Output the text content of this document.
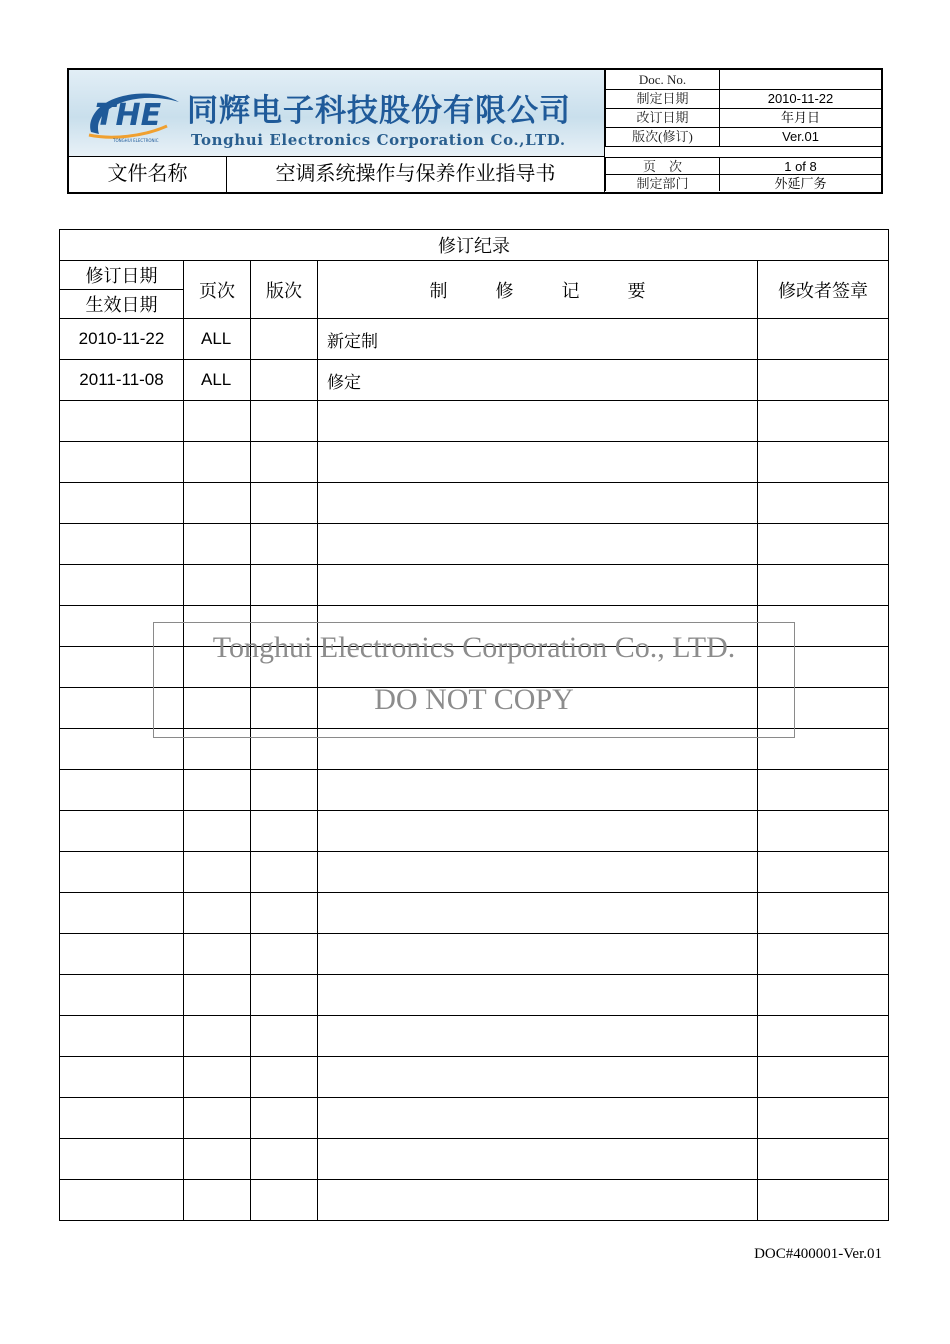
THE
TONGHUI ELECTRONIC
同辉电子科技股份有限公司
Tonghui Electronics Corporation Co.,LTD.
Doc. No.	
制定日期	2010-11-22
改订日期	年月日
版次(修订)	Ver.01
文件名称	空调系统操作与保养作业指导书	页　次	1 of 8
制定部门	外延厂务
修订纪录				
修订日期	页次	版次	制 修 记 要	修改者签章
生效日期				
2010-11-22	ALL		新定制	
2011-11-08	ALL		修定	

Tonghui Electronics Corporation Co., LTD.
DO NOT COPY
DOC#400001-Ver.01
